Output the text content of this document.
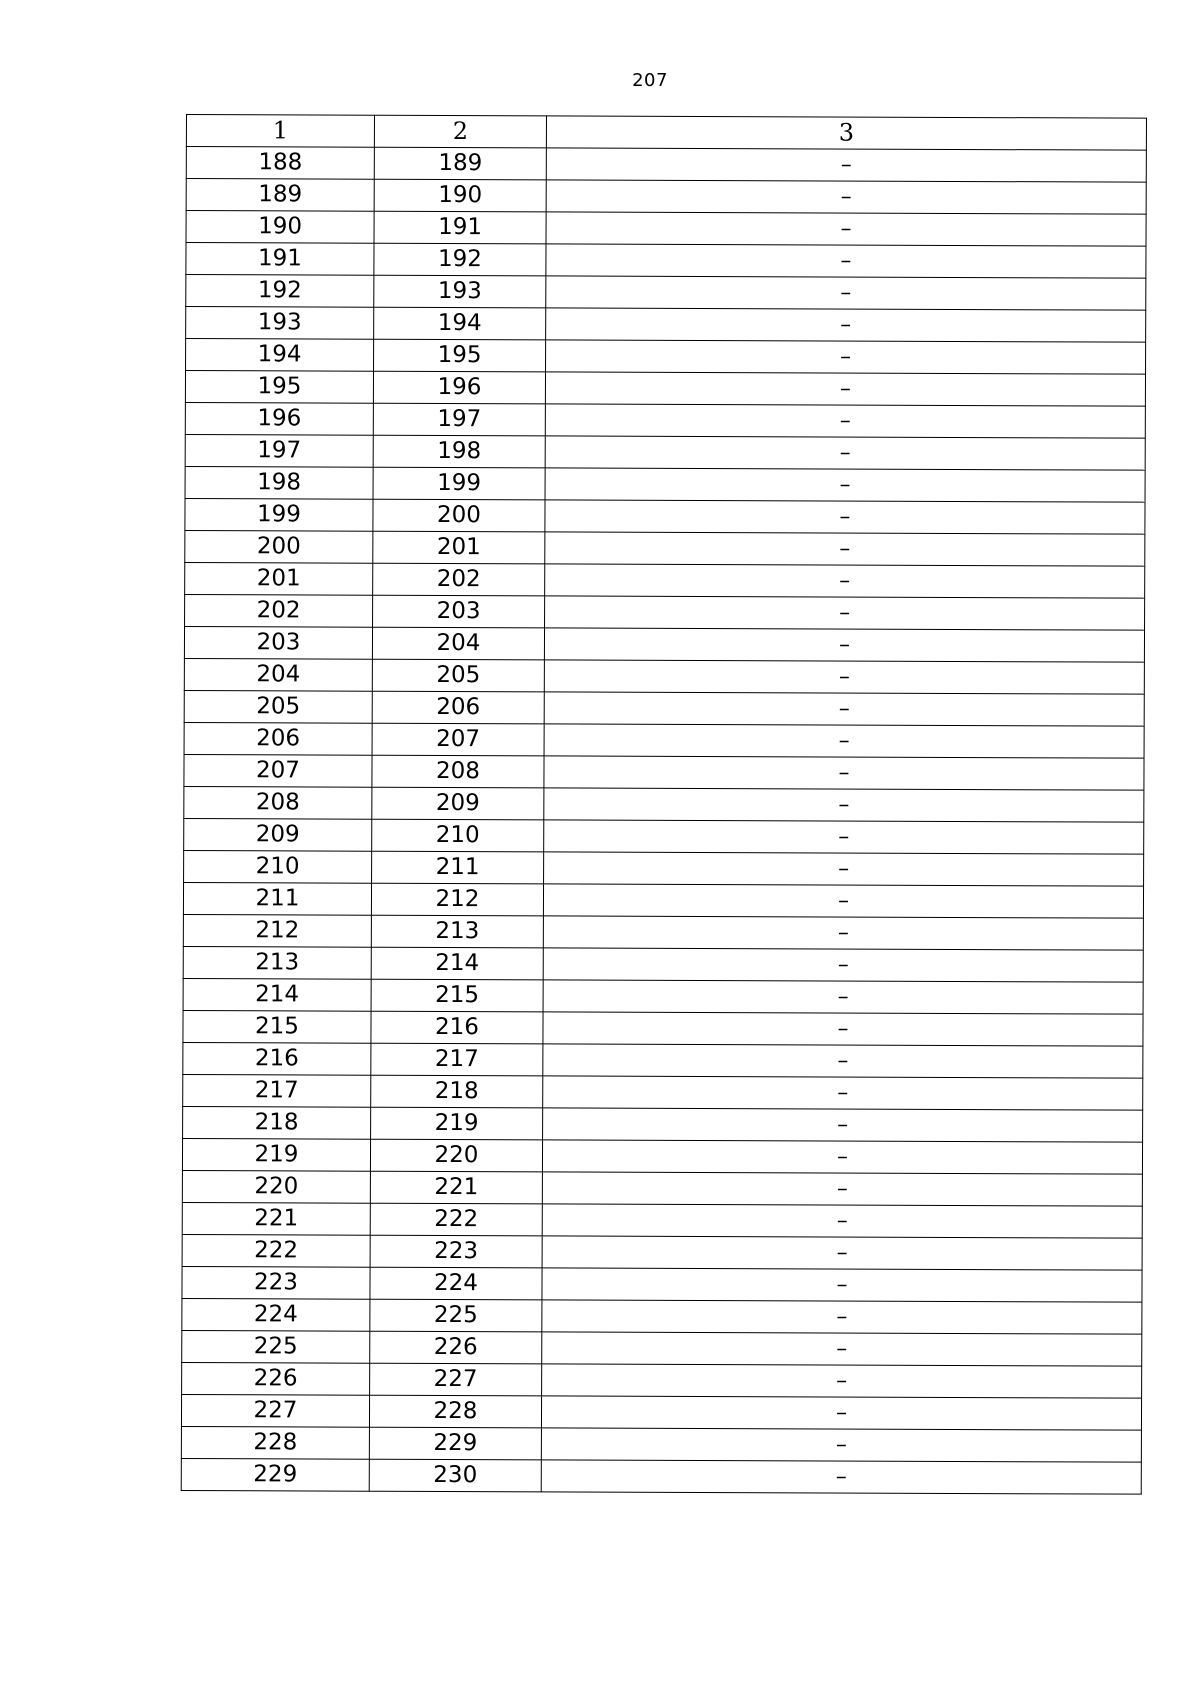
207
1	2	3
188	189	–
189	190	–
190	191	–
191	192	–
192	193	–
193	194	–
194	195	–
195	196	–
196	197	–
197	198	–
198	199	–
199	200	–
200	201	–
201	202	–
202	203	–
203	204	–
204	205	–
205	206	–
206	207	–
207	208	–
208	209	–
209	210	–
210	211	–
211	212	–
212	213	–
213	214	–
214	215	–
215	216	–
216	217	–
217	218	–
218	219	–
219	220	–
220	221	–
221	222	–
222	223	–
223	224	–
224	225	–
225	226	–
226	227	–
227	228	–
228	229	–
229	230	–
